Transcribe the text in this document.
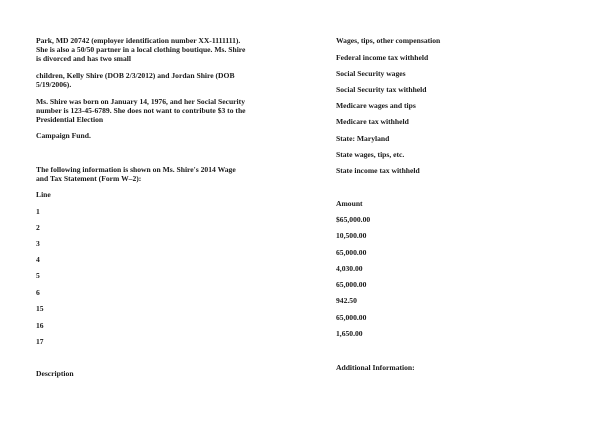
Park, MD 20742 (employer identification number XX-1111111).
She is also a 50/50 partner in a local clothing boutique. Ms. Shire
is divorced and has two small
children, Kelly Shire (DOB 2/3/2012) and Jordan Shire (DOB
5/19/2006).
Ms. Shire was born on January 14, 1976, and her Social Security
number is 123-45-6789. She does not want to contribute $3 to the
Presidential Election
Campaign Fund.
The following information is shown on Ms. Shire's 2014 Wage
and Tax Statement (Form W–2):
Line
1
2
3
4
5
6
15
16
17
Description
Wages, tips, other compensation
Federal income tax withheld
Social Security wages
Social Security tax withheld
Medicare wages and tips
Medicare tax withheld
State: Maryland
State wages, tips, etc.
State income tax withheld
Amount
$65,000.00
10,500.00
65,000.00
4,030.00
65,000.00
942.50
65,000.00
1,650.00
Additional Information:
